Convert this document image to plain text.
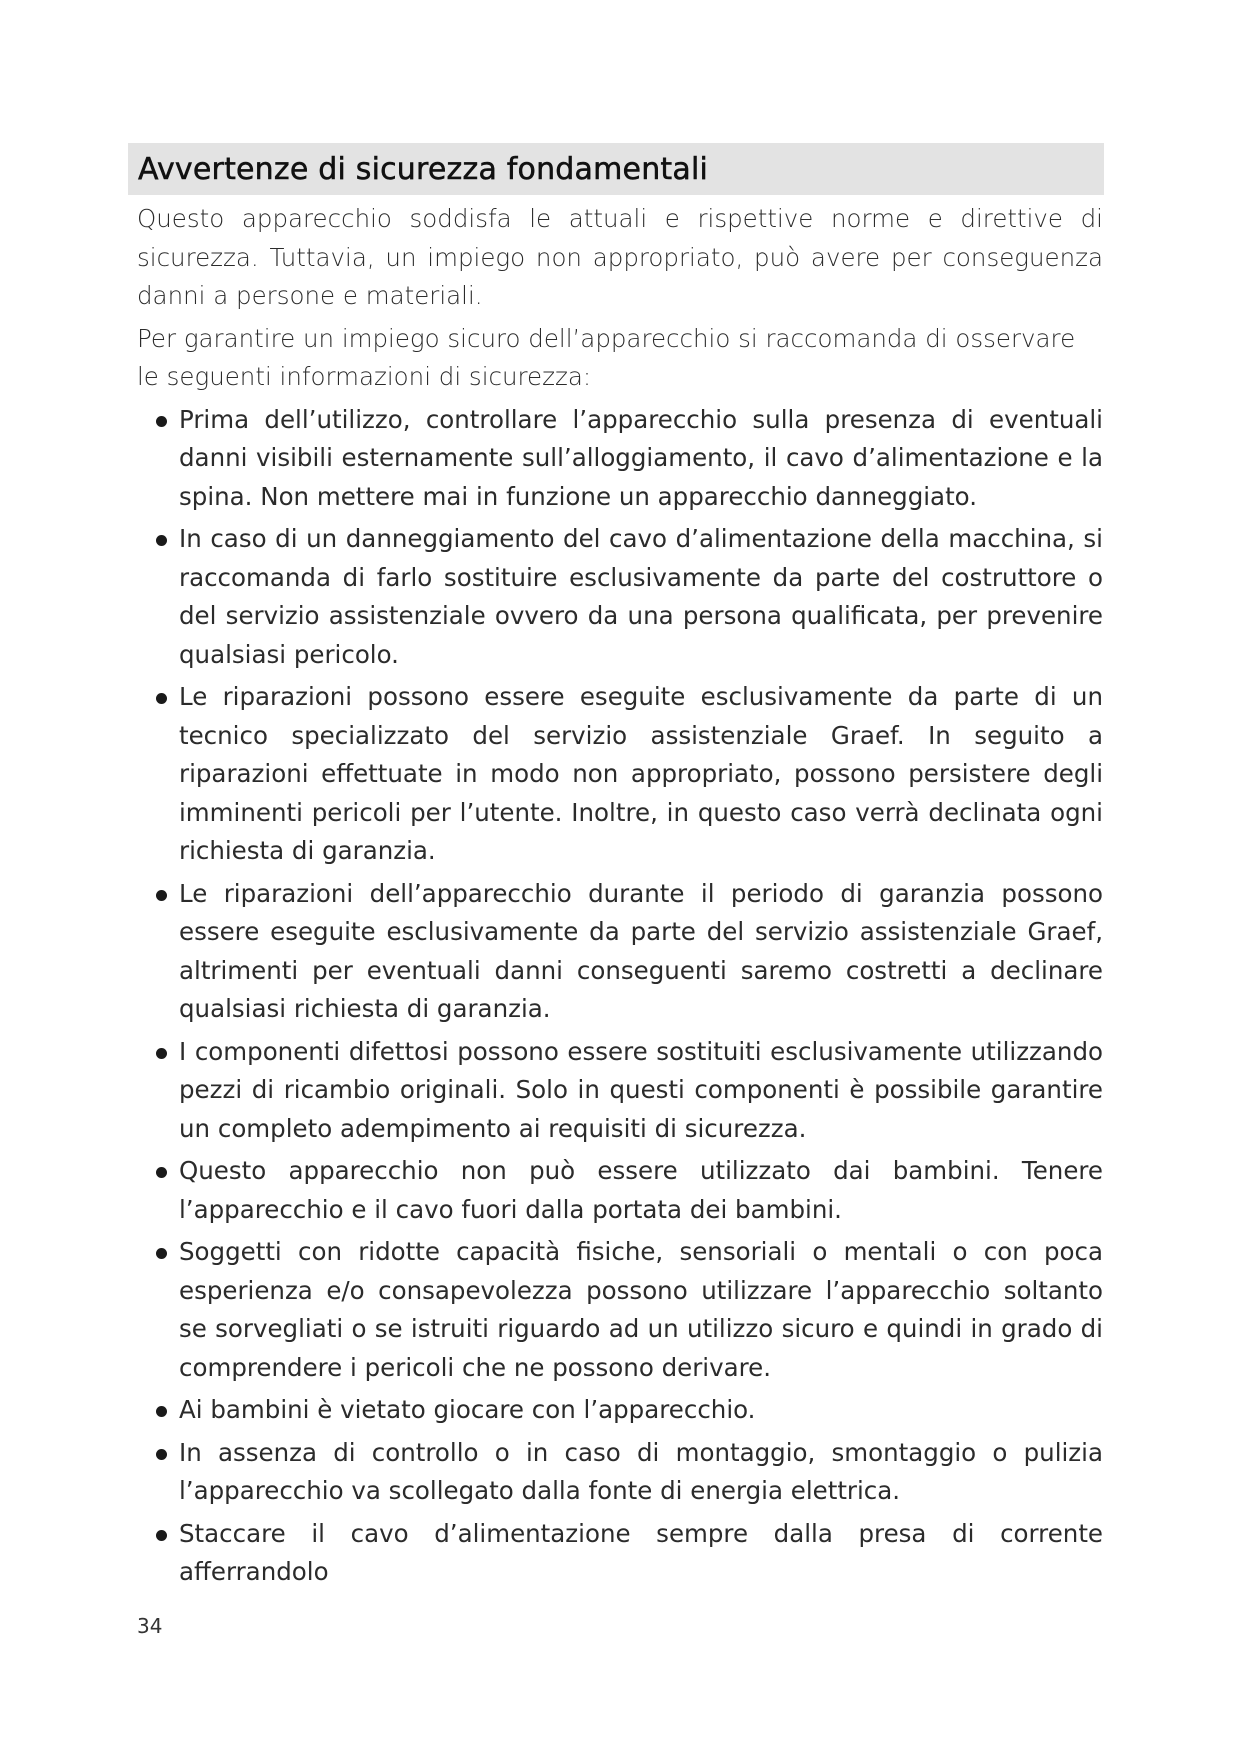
Avvertenze di sicurezza fondamentali

Questo apparecchio soddisfa le attuali e rispettive norme e direttive di sicurezza. Tuttavia, un impiego non appropriato, può avere per conseguenza danni a persone e materiali.

Per garantire un impiego sicuro dell’apparecchio si raccomanda di osservare le seguenti informazioni di sicurezza:

Prima dell’utilizzo, controllare l’apparecchio sulla presenza di eventuali danni visibili esternamente sull’alloggiamento, il cavo d’alimentazione e la spina. Non mettere mai in funzione un apparecchio danneggiato.
In caso di un danneggiamento del cavo d’alimentazione della macchina, si raccomanda di farlo sostituire esclusivamente da parte del costruttore o del servizio assistenziale ovvero da una persona qualificata, per prevenire qualsiasi pericolo.
Le riparazioni possono essere eseguite esclusivamente da parte di un tecnico specializzato del servizio assistenziale Graef. In seguito a riparazioni effettuate in modo non appropriato, possono persistere degli imminenti pericoli per l’utente. Inoltre, in questo caso verrà declinata ogni richiesta di garanzia.
Le riparazioni dell’apparecchio durante il periodo di garanzia possono essere eseguite esclusivamente da parte del servizio assistenziale Graef, altrimenti per eventuali danni conseguenti saremo costretti a declinare qualsiasi richiesta di garanzia.
I componenti difettosi possono essere sostituiti esclusivamente utilizzando pezzi di ricambio originali. Solo in questi componenti è possibile garantire un completo adempimento ai requisiti di sicurezza.
Questo apparecchio non può essere utilizzato dai bambini. Tenere l’apparecchio e il cavo fuori dalla portata dei bambini.
Soggetti con ridotte capacità fisiche, sensoriali o mentali o con poca esperienza e/o consapevolezza possono utilizzare l’apparecchio soltanto se sorvegliati o se istruiti riguardo ad un utilizzo sicuro e quindi in grado di comprendere i pericoli che ne possono derivare.
Ai bambini è vietato giocare con l’apparecchio.
In assenza di controllo o in caso di montaggio, smontaggio o pulizia l’apparecchio va scollegato dalla fonte di energia elettrica.
Staccare il cavo d’alimentazione sempre dalla presa di corrente afferrandolo
34
